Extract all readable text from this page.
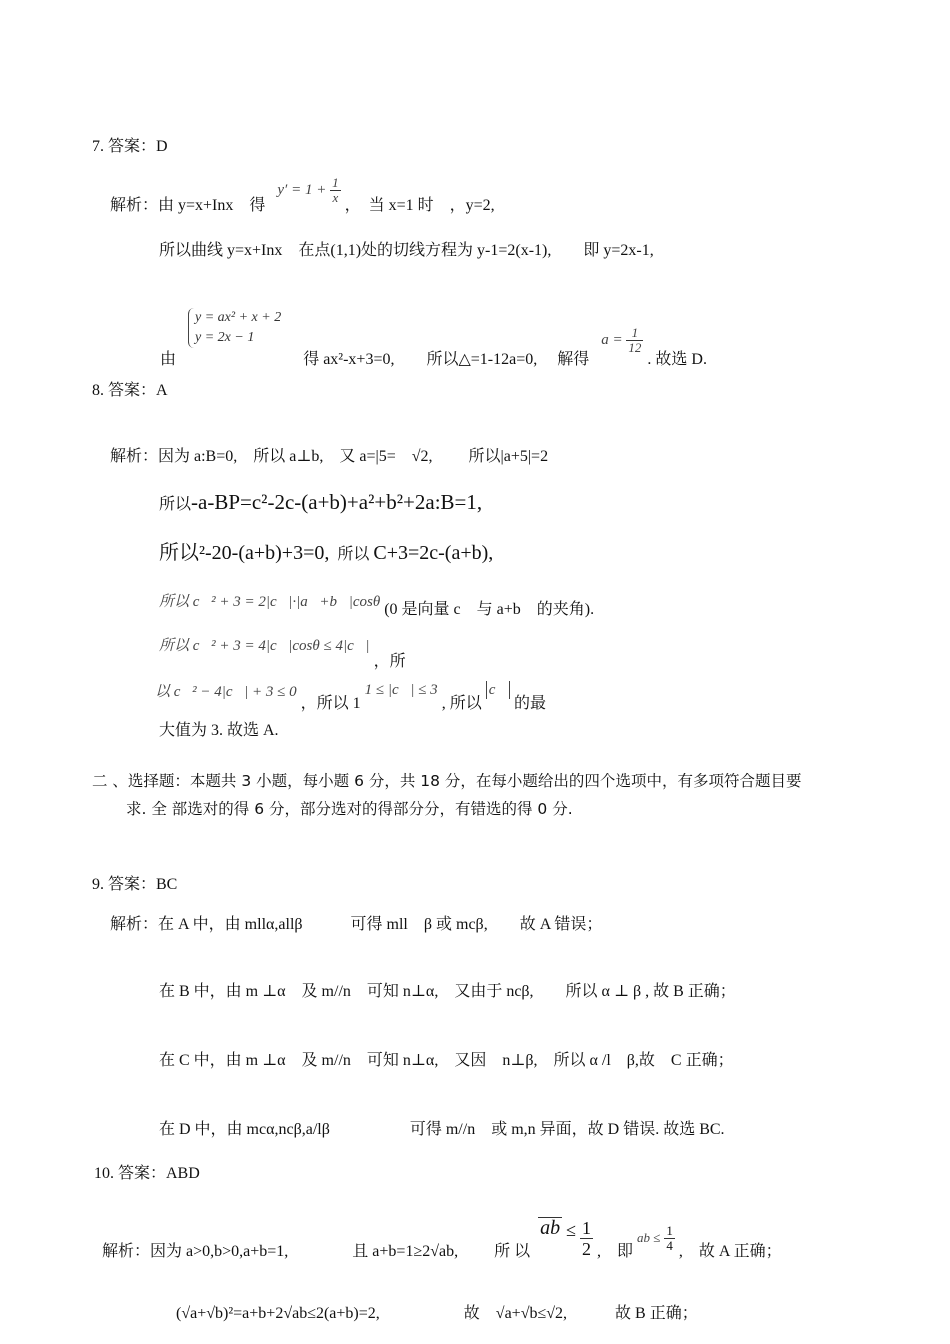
7. 答案：D
解析：由 y=x+Inx　得 $y' = 1 + \frac{1}{x}$
，　当 x=1 时　，y=2,
所以曲线 y=x+Inx　在点(1,1)处的切线方程为 y-1=2(x-1),　　即 y=2x-1,
由
y = ax² + x + 2
y = 2x − 1
得 ax²-x+3=0,　　所以△=1-12a=0,　 解得 $a = \frac{1}{12}$
. 故选 D.
8. 答案：A
解析：因为 a:B=0,　所以 a⊥b,　又 a=|5=　√2,　　 所以|a+5|=2
所以-a-BP=c²-2c-(a+b)+a²+b²+2a:B=1,
所以²-20-(a+b)+3=0, 所以 C+3=2c-(a+b),
所以 c⃗² + 3 = 2|c⃗|·|a⃗+b⃗|cosθ (0 是向量 c　与 a+b　的夹角).
所以 c⃗² + 3 = 4|c⃗|cosθ ≤ 4|c⃗| ，所
以 c⃗² − 4|c⃗| + 3 ≤ 0 ，所以 1 1 ≤ |c⃗| ≤ 3 , 所以 c⃗ 的最
大值为 3. 故选 A.
二 、选择题：本题共 3 小题，每小题 6 分，共 18 分，在每小题给出的四个选项中，有多项符合题目要
求. 全 部选对的得 6 分，部分选对的得部分分，有错选的得 0 分.
9. 答案：BC
解析：在 A 中，由 mllα,allβ　　　可得 mll　β 或 mcβ,　　故 A 错误；
在 B 中，由 m ⊥α　及 m//n　可知 n⊥α,　又由于 ncβ,　　所以 α ⊥ β , 故 B 正确；
在 C 中，由 m ⊥α　及 m//n　可知 n⊥α,　又因　n⊥β,　所以 α /l　β,故　C 正确；
在 D 中，由 mcα,ncβ,a/lβ　　　　　可得 m//n　或 m,n 异面，故 D 错误. 故选 BC.
10. 答案：ABD
解析：因为 a>0,b>0,a+b=1,　　　　且 a+b=1≥2√ab,　　 所 以 ab ≤ $\frac{1}{2}$ ,　即 ab ≤ $\frac{1}{4}$ ,　故 A 正确；
(√a+√b)²=a+b+2√ab≤2(a+b)=2,　　　　　 故　√a+√b≤√2,　　　故 B 正确；
